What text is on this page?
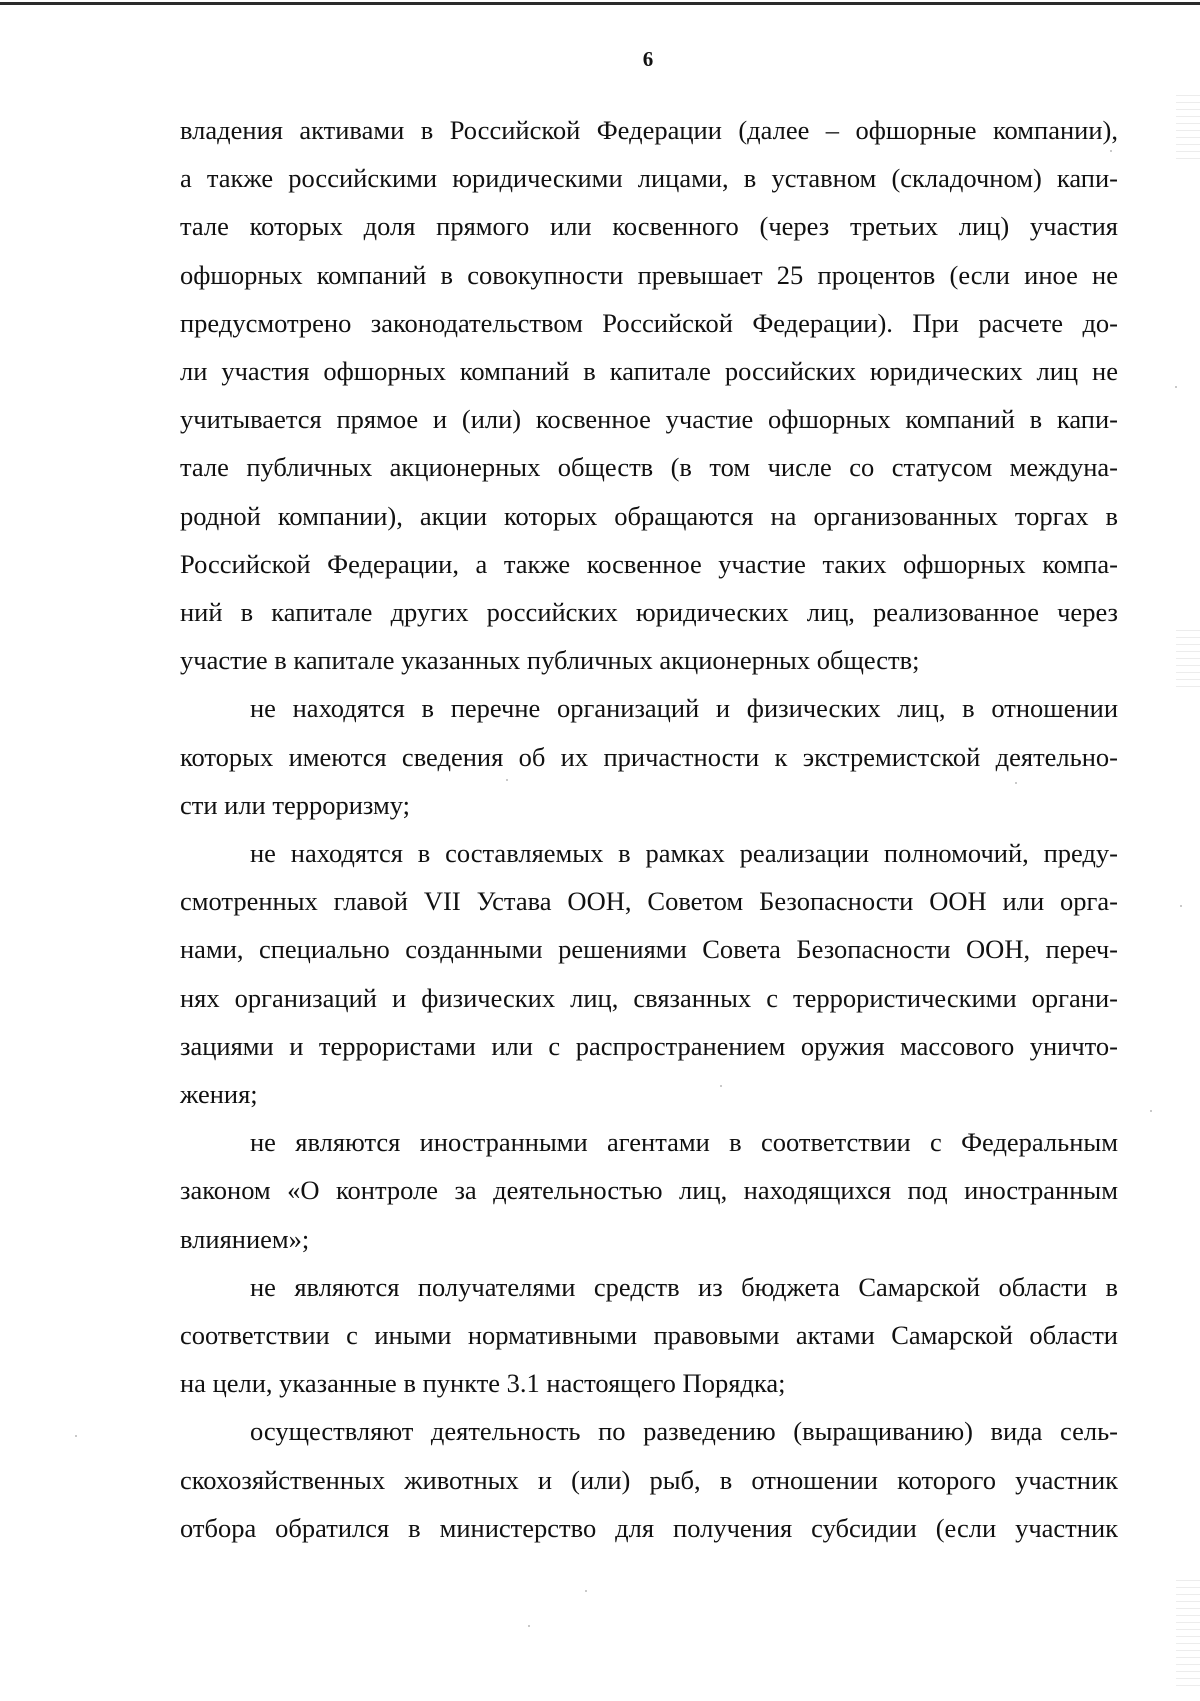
6
владения активами в Российской Федерации (далее – офшорные компании),
а также российскими юридическими лицами, в уставном (складочном) капи-
тале которых доля прямого или косвенного (через третьих лиц) участия
офшорных компаний в совокупности превышает 25 процентов (если иное не
предусмотрено законодательством Российской Федерации). При расчете до-
ли участия офшорных компаний в капитале российских юридических лиц не
учитывается прямое и (или) косвенное участие офшорных компаний в капи-
тале публичных акционерных обществ (в том числе со статусом междуна-
родной компании), акции которых обращаются на организованных торгах в
Российской Федерации, а также косвенное участие таких офшорных компа-
ний в капитале других российских юридических лиц, реализованное через
участие в капитале указанных публичных акционерных обществ;
не находятся в перечне организаций и физических лиц, в отношении
которых имеются сведения об их причастности к экстремистской деятельно-
сти или терроризму;
не находятся в составляемых в рамках реализации полномочий, преду-
смотренных главой VII Устава ООН, Советом Безопасности ООН или орга-
нами, специально созданными решениями Совета Безопасности ООН, переч-
нях организаций и физических лиц, связанных с террористическими органи-
зациями и террористами или с распространением оружия массового уничто-
жения;
не являются иностранными агентами в соответствии с Федеральным
законом «О контроле за деятельностью лиц, находящихся под иностранным
влиянием»;
не являются получателями средств из бюджета Самарской области в
соответствии с иными нормативными правовыми актами Самарской области
на цели, указанные в пункте 3.1 настоящего Порядка;
осуществляют деятельность по разведению (выращиванию) вида сель-
скохозяйственных животных и (или) рыб, в отношении которого участник
отбора обратился в министерство для получения субсидии (если участник
